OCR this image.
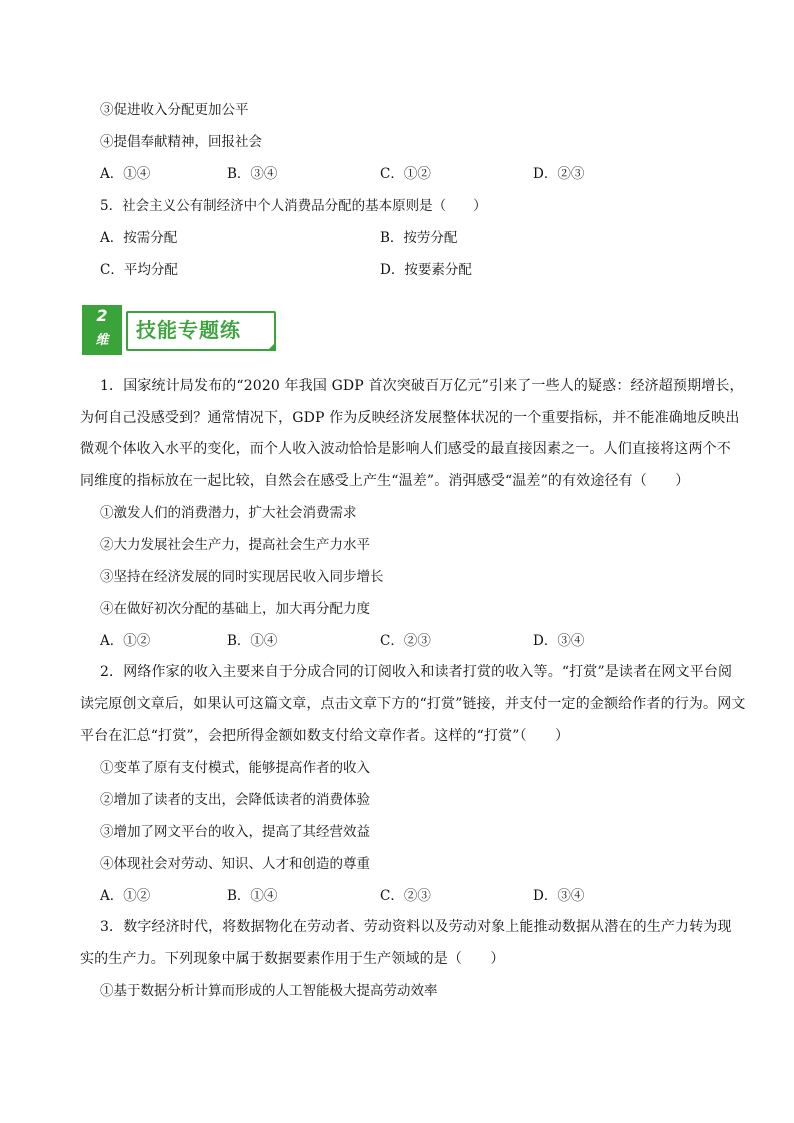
③促进收入分配更加公平
④提倡奉献精神，回报社会
A．①④	B．③④	C．①②	D．②③
5．社会主义公有制经济中个人消费品分配的基本原则是（　　）
A．按需分配	B．按劳分配
C．平均分配	D．按要素分配
2
维	技能专题练
1．国家统计局发布的“2020 年我国 GDP 首次突破百万亿元”引来了一些人的疑惑：经济超预期增长，
为何自己没感受到？通常情况下，GDP 作为反映经济发展整体状况的一个重要指标，并不能准确地反映出
微观个体收入水平的变化，而个人收入波动恰恰是影响人们感受的最直接因素之一。人们直接将这两个不
同维度的指标放在一起比较，自然会在感受上产生“温差”。消弭感受“温差”的有效途径有（　　）
①激发人们的消费潜力，扩大社会消费需求
②大力发展社会生产力，提高社会生产力水平
③坚持在经济发展的同时实现居民收入同步增长
④在做好初次分配的基础上，加大再分配力度
A．①②	B．①④	C．②③	D．③④
2．网络作家的收入主要来自于分成合同的订阅收入和读者打赏的收入等。“打赏”是读者在网文平台阅
读完原创文章后，如果认可这篇文章，点击文章下方的“打赏”链接，并支付一定的金额给作者的行为。网文
平台在汇总“打赏”，会把所得金额如数支付给文章作者。这样的“打赏”（　　）
①变革了原有支付模式，能够提高作者的收入
②增加了读者的支出，会降低读者的消费体验
③增加了网文平台的收入，提高了其经营效益
④体现社会对劳动、知识、人才和创造的尊重
A．①②	B．①④	C．②③	D．③④
3．数字经济时代，将数据物化在劳动者、劳动资料以及劳动对象上能推动数据从潜在的生产力转为现
实的生产力。下列现象中属于数据要素作用于生产领域的是（　　）
①基于数据分析计算而形成的人工智能极大提高劳动效率
